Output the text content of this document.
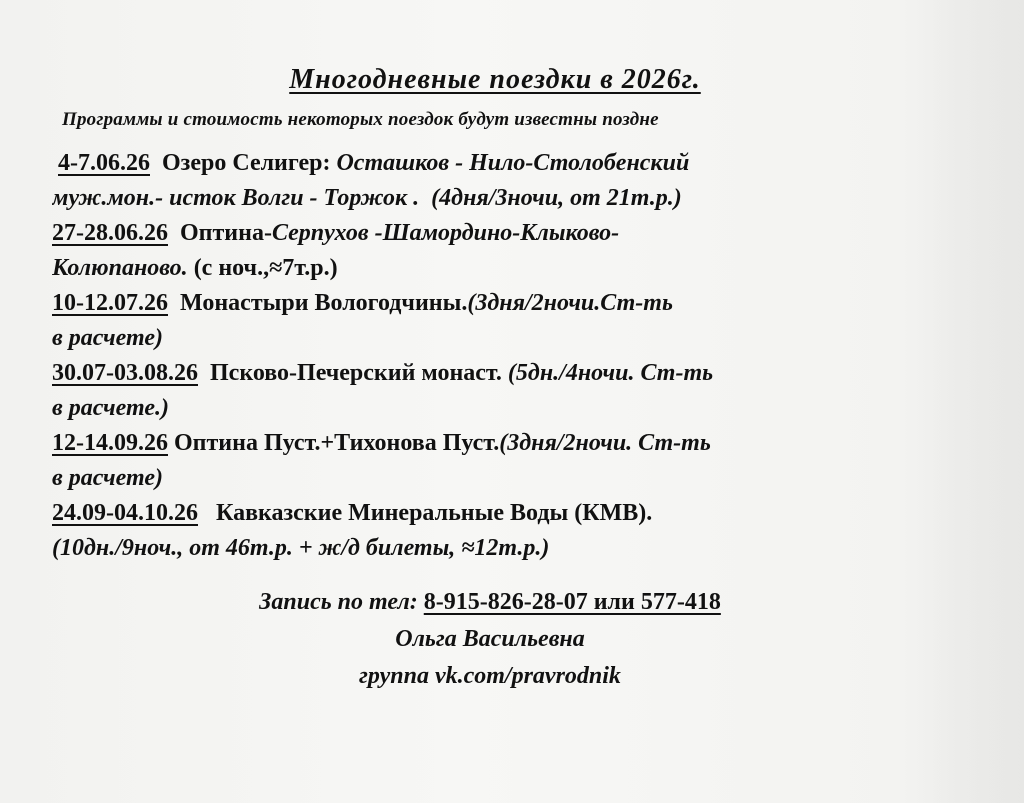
Многодневные поездки в 2026г.
Программы и стоимость некоторых поездок будут известны поздне
4-7.06.26 Озеро Селигер: Осташков - Нило-Столобенский
муж.мон.- исток Волги - Торжок . (4дня/3ночи, от 21т.р.)
27-28.06.26 Оптина-Серпухов -Шамордино-Клыково-
Колюпаново. (с ноч.,≈7т.р.)
10-12.07.26 Монастыри Вологодчины.(3дня/2ночи.Ст-ть
в расчете)
30.07-03.08.26 Псково-Печерский монаст. (5дн./4ночи. Ст-ть
в расчете.)
12-14.09.26 Оптина Пуст.+Тихонова Пуст.(3дня/2ночи. Ст-ть
в расчете)
24.09-04.10.26 Кавказские Минеральные Воды (КМВ).
(10дн./9ноч., от 46т.р. + ж/д билеты, ≈12т.р.)
Запись по тел: 8-915-826-28-07 или 577-418
Ольга Васильевна
группа vk.com/pravrodnik
